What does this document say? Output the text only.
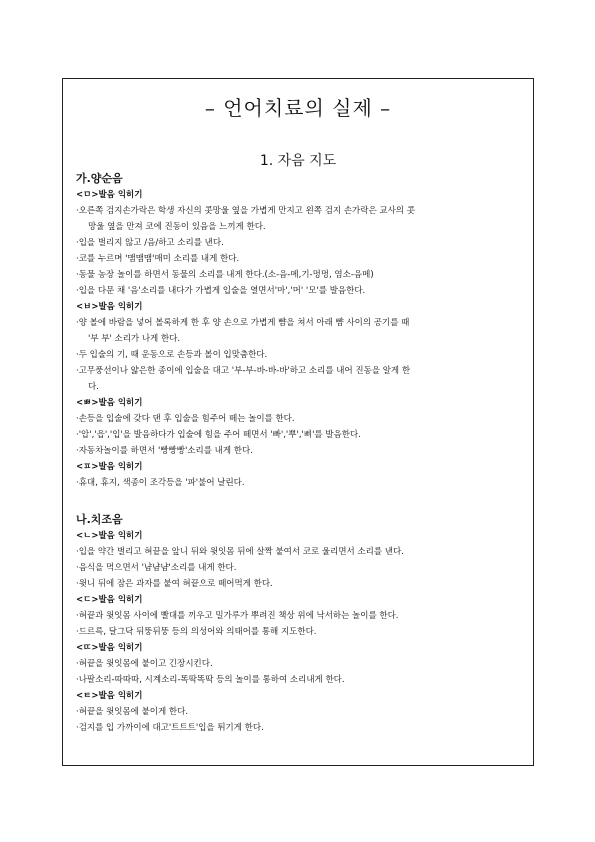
– 언어치료의 실제 –
1. 자음 지도
가.양순음
<ㅁ>발음 익히기
·오른쪽 검지손가락은 학생 자신의 콧망울 옆을 가볍게 만지고 왼쪽 검지 손가락은 교사의 콧
망울 옆을 만져 코에 진동이 있음을 느끼게 한다.
·입을 벌리지 않고 /음/하고 소리를 낸다.
·코를 누르며 '맴맴맴'매미 소리를 내게 한다.
·동물 농장 놀이를 하면서 동물의 소리를 내게 한다.(소-음-메,기-멍멍, 염소-음메)
·입을 다문 채 '음'소리를 내다가 가볍게 입술을 열면서'마','머' '모'를 발음한다.
<ㅂ>발음 익히기
·양 볼에 바람을 넣어 볼록하게 한 후 양 손으로 가볍게 뺨을 쳐서 아래 뺨 사이의 공기를 때
'부 부' 소리가 나게 한다.
·두 입술의 기, 때 운동으로 손등과 볼이 입맞춤한다.
·고무풍선이나 얇은한 종이에 입술을 대고 '부-부-바-바-바'하고 소리를 내어 진동을 알게 한
다.
<ㅃ>발음 익히기
·손등을 입술에 갖다 댄 후 입술을 힘주어 떼는 놀이를 한다.
·'압','읍','입'을 발음하다가 입술에 힘을 주어 떼면서 '빠','뿌','삐'를 발음한다.
·자동차놀이를 하면서 '빵빵빵'소리를 내게 한다.
<ㅍ>발음 익히기
·휴대, 휴지, 색종이 조각등을 '파'불어 날린다.
나.치조음
<ㄴ>발음 익히기
·입을 약간 벌리고 혀끝을 앞니 뒤와 윗잇몸 뒤에 살짝 붙여서 코로 울리면서 소리를 낸다.
·음식을 먹으면서 '냠냠냠'소리를 내게 한다.
·윗니 뒤에 잠은 과자를 붙여 혀끝으로 떼어먹게 한다.
<ㄷ>발음 익히기
·혀끝과 윗잇몸 사이에 빨대를 끼우고 밀가루가 뿌려진 책상 위에 낙서하는 놀이를 한다.
·드르륵, 달그닥 뒤뚱뒤뚱 등의 의성어와 의태어를 통해 지도한다.
<ㄸ>발음 익히기
·혀끝을 윗잇몸에 붙이고 긴장시킨다.
·나팔소리-따따따, 시계소리-똑딱똑딱 등의 놀이를 통하여 소리내게 한다.
<ㅌ>발음 익히기
·혀끝을 윗잇몸에 붙이게 한다.
·검지를 입 가까이에 대고'트트트'입을 튀기게 한다.
